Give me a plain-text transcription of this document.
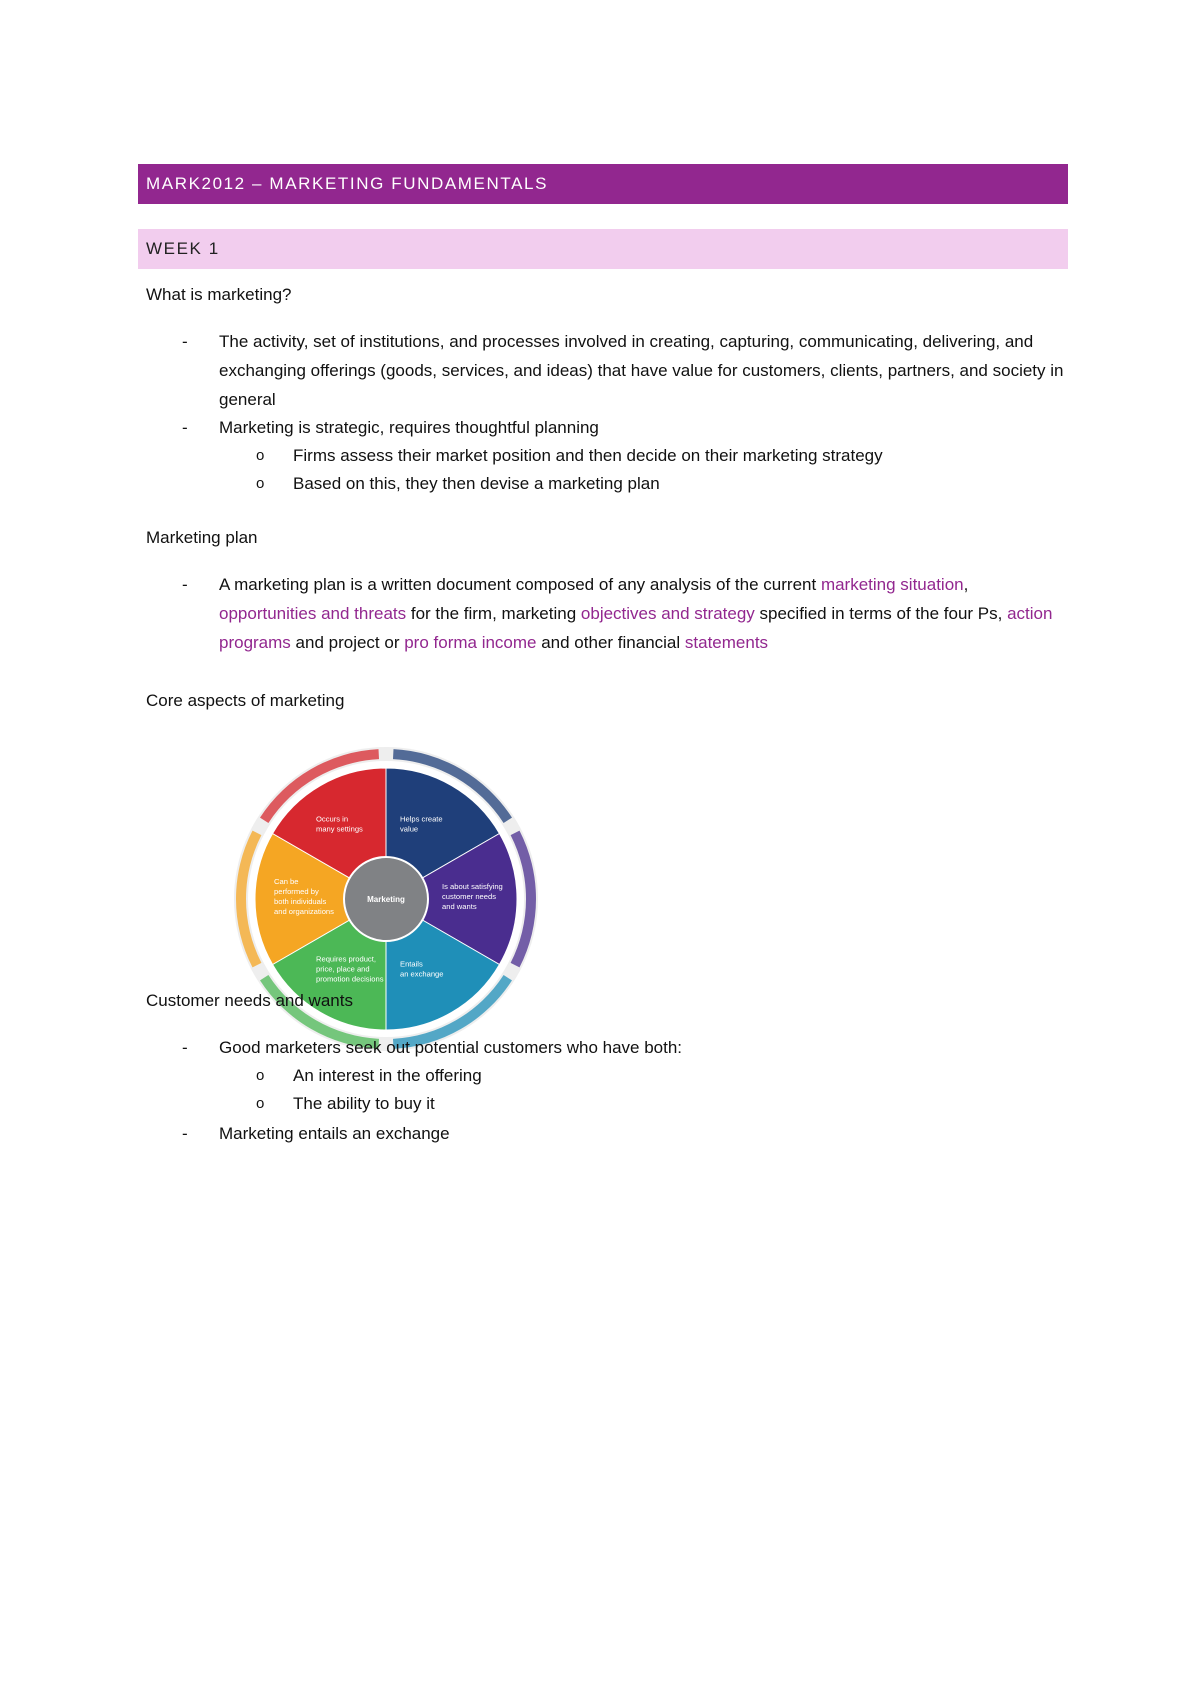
MARK2012 – MARKETING FUNDAMENTALS
WEEK 1
What is marketing?
- The activity, set of institutions, and processes involved in creating, capturing, communicating, delivering, and exchanging offerings (goods, services, and ideas) that have value for customers, clients, partners, and society in general
- Marketing is strategic, requires thoughtful planning
o Firms assess their market position and then decide on their marketing strategy
o Based on this, they then devise a marketing plan
Marketing plan
- A marketing plan is a written document composed of any analysis of the current marketing situation, opportunities and threats for the firm, marketing objectives and strategy specified in terms of the four Ps, action programs and project or pro forma income and other financial statements
Core aspects of marketing
Helps create
value
Is about satisfying
customer needs
and wants
Entails
an exchange
Requires product,
price, place and
promotion decisions
Can be
performed by
both individuals
and organizations
Occurs in
many settings
Marketing
Customer needs and wants
- Good marketers seek out potential customers who have both:
o An interest in the offering
o The ability to buy it
- Marketing entails an exchange
